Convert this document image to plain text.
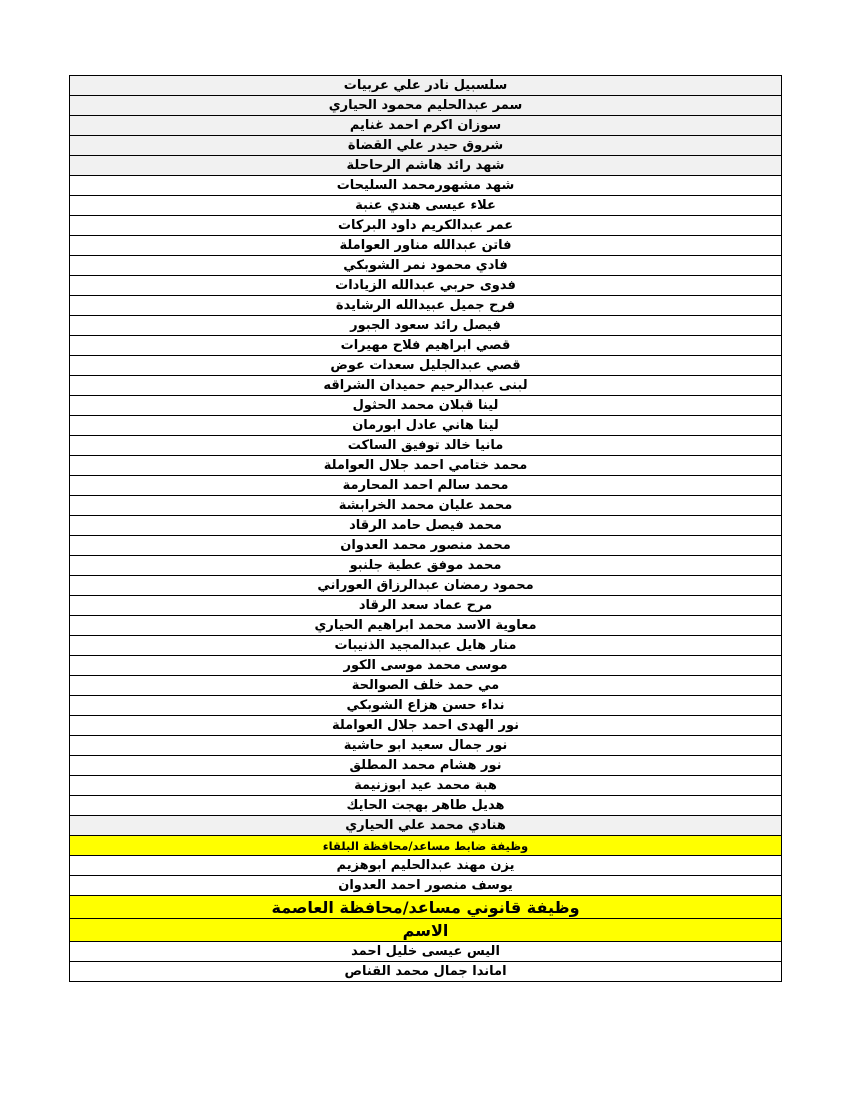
سلسبيل نادر علي عربيات
سمر عبدالحليم محمود الحياري
سوزان اكرم احمد غنايم
شروق حيدر علي القضاة
شهد رائد هاشم الرحاحلة
شهد مشهورمحمد السليحات
علاء عيسى هندي عنبة
عمر عبدالكريم داود البركات
فاتن عبدالله مناور العواملة
فادي محمود نمر الشوبكي
فدوى حربي عبدالله الزيادات
فرح جميل عبيدالله الرشايدة
فيصل رائد سعود الجبور
قصي ابراهيم فلاح مهيرات
قصي عبدالجليل سعدات عوض
لبنى عبدالرحيم حميدان الشراقه
لينا قبلان محمد الحثول
لينا هاني عادل ابورمان
مانيا خالد توفيق الساكت
محمد ختامي احمد جلال العواملة
محمد سالم احمد المحارمة
محمد عليان محمد الخرابشة
محمد فيصل حامد الرقاد
محمد منصور محمد العدوان
محمد موفق عطية جلنبو
محمود رمضان عبدالرزاق العوراني
مرح عماد سعد الرقاد
معاوية الاسد محمد ابراهيم الحياري
منار هايل عبدالمجيد الذنيبات
موسى محمد موسى الكور
مي حمد خلف الصوالحة
نداء حسن هزاع الشوبكي
نور الهدى احمد جلال العواملة
نور جمال سعيد ابو حاشية
نور هشام محمد المطلق
هبة محمد عيد ابوزنيمة
هديل طاهر بهجت الحايك
هنادي محمد علي الحياري
وظيفة ضابط مساعد/محافظة البلقاء
يزن مهند عبدالحليم ابوهزيم
يوسف منصور احمد العدوان
وظيفة قانوني مساعد/محافظة العاصمة
الاسم
اليس عيسى خليل احمد
اماندا جمال محمد القناص
